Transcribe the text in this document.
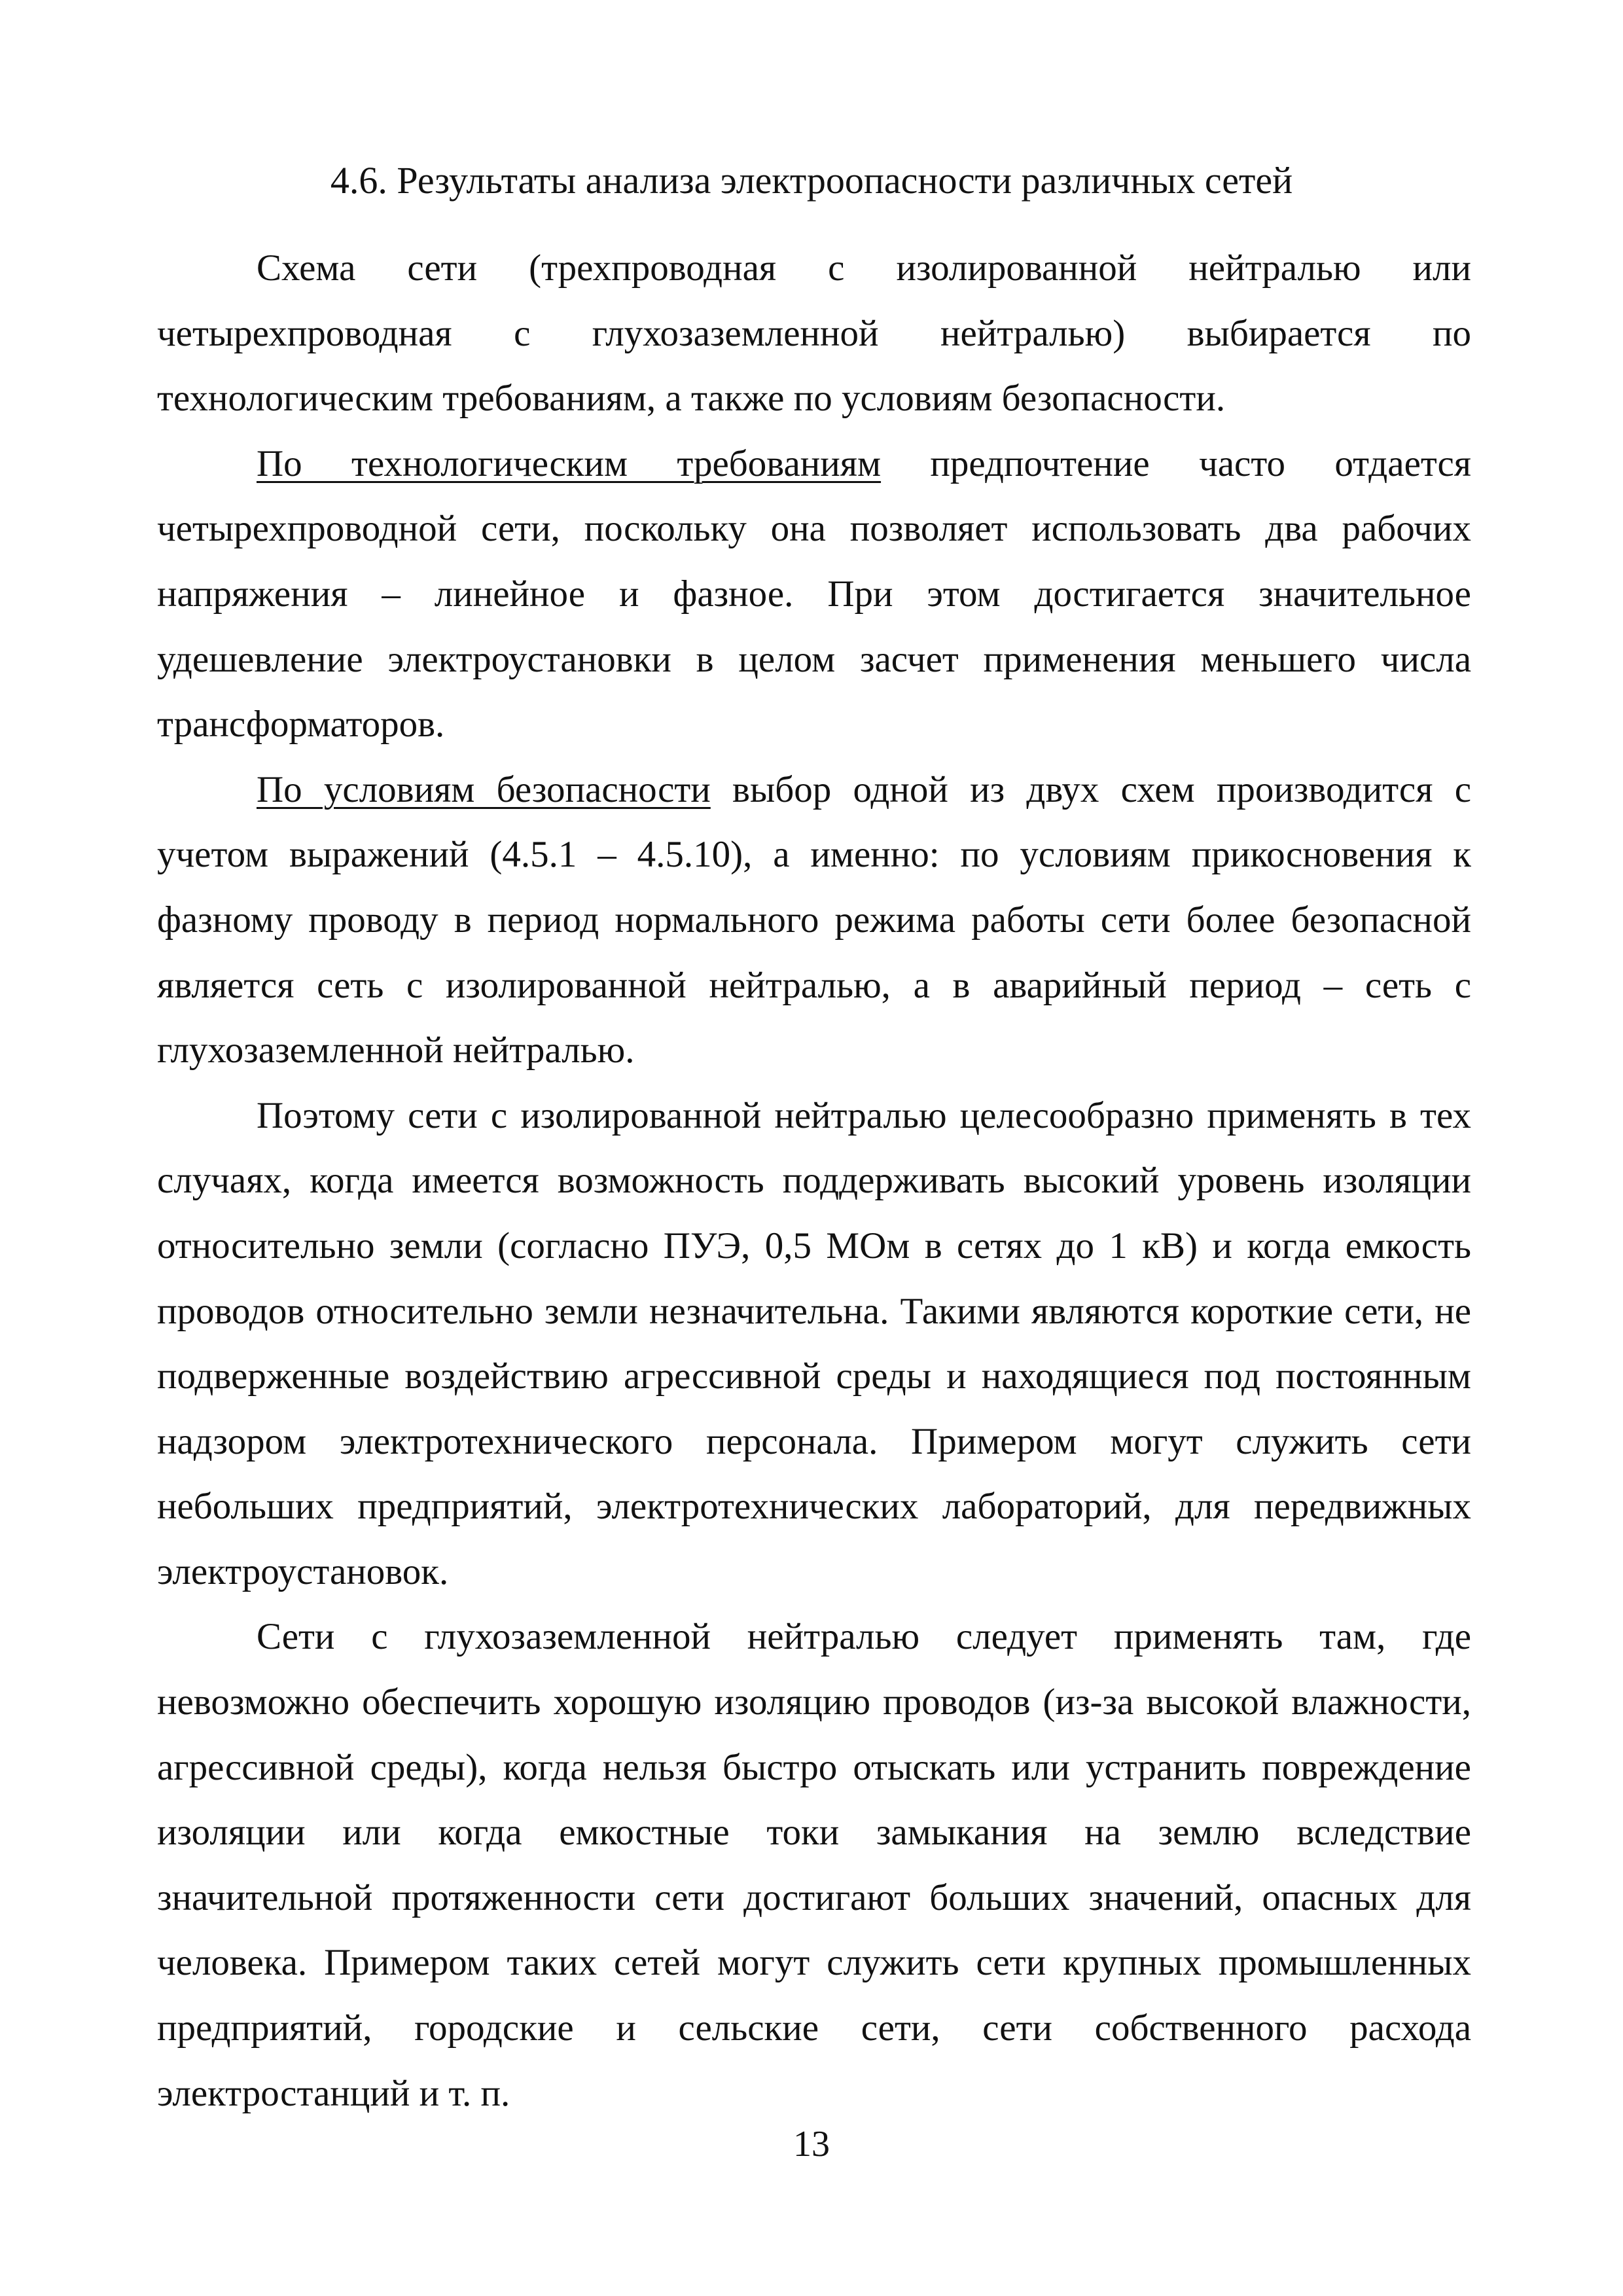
4.6. Результаты анализа электроопасности различных сетей

Схема сети (трехпроводная с изолированной нейтралью или четырехпроводная с глухозаземленной нейтралью) выбирается по технологическим требованиям, а также по условиям безопасности.

По технологическим требованиям предпочтение часто отдается четырехпроводной сети, поскольку она позволяет использовать два рабочих напряжения – линейное и фазное. При этом достигается значительное удешевление электроустановки в целом засчет применения меньшего числа трансформаторов.

По условиям безопасности выбор одной из двух схем производится с учетом выражений (4.5.1 – 4.5.10), а именно: по условиям прикосновения к фазному проводу в период нормального режима работы сети более безопасной является сеть с изолированной нейтралью, а в аварийный период – сеть с глухозаземленной нейтралью.

Поэтому сети с изолированной нейтралью целесообразно применять в тех случаях, когда имеется возможность поддерживать высокий уровень изоляции относительно земли (согласно ПУЭ, 0,5 МОм в сетях до 1 кВ) и когда емкость проводов относительно земли незначительна. Такими являются короткие сети, не подверженные воздействию агрессивной среды и находящиеся под постоянным надзором электротехнического персонала. Примером могут служить сети небольших предприятий, электротехнических лабораторий, для передвижных электроустановок.

Сети с глухозаземленной нейтралью следует применять там, где невозможно обеспечить хорошую изоляцию проводов (из-за высокой влажности, агрессивной среды), когда нельзя быстро отыскать или устранить повреждение изоляции или когда емкостные токи замыкания на землю вследствие значительной протяженности сети достигают больших значений, опасных для человека. Примером таких сетей могут служить сети крупных промышленных предприятий, городские и сельские сети, сети собственного расхода электростанций и т. п.

13
